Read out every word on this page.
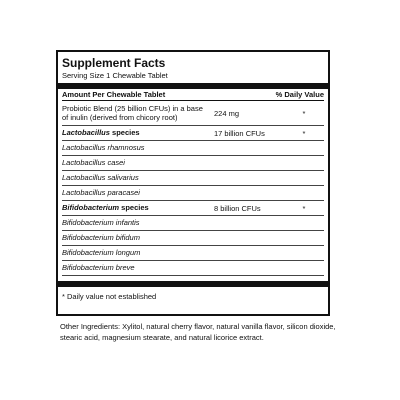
Supplement Facts
Serving Size 1 Chewable Tablet
Amount Per Chewable Tablet	% Daily Value
Probiotic Blend (25 billion CFUs) in a base of inulin (derived from chicory root)	224 mg	*
Lactobacillus species	17 billion CFUs	*
Lactobacillus rhamnosus
Lactobacillus casei
Lactobacillus salivarius
Lactobacillus paracasei
Bifidobacterium species	8 billion CFUs	*
Bifidobacterium infantis
Bifidobacterium bifidum
Bifidobacterium longum
Bifidobacterium breve
* Daily value not established
Other Ingredients: Xylitol, natural cherry flavor, natural vanilla flavor, silicon dioxide, stearic acid, magnesium stearate, and natural licorice extract.
